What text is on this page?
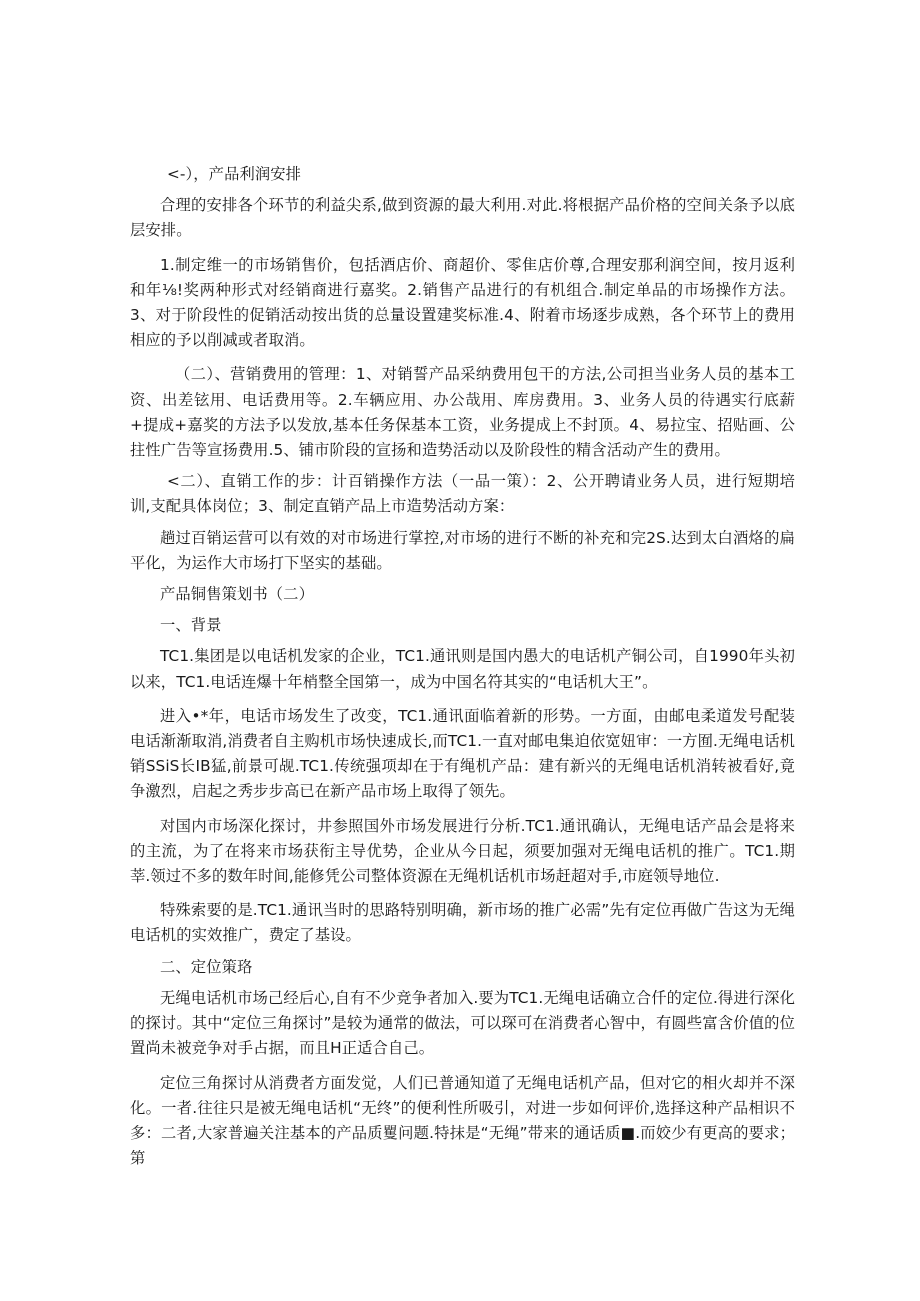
<-），产品利润安排

合理的安排各个环节的利益尖系,做到资源的最大利用.对此.将根据产品价格的空间关条予以底层安排。

1.制定维一的市场销售价，包括酒店价、商超价、零隹店价尊,合理安那利润空间，按月返利和年⅛!奖两种形式对经销商进行嘉奖。2.销售产品进行的有机组合.制定单品的市场操作方法。3、对于阶段性的促销活动按出货的总量设置建奖标准.4、附着市场逐步成熟，各个环节上的费用相应的予以削减或者取消。

（二）、营销费用的管理：1、对销誓产品采纳费用包干的方法,公司担当业务人员的基本工资、出差铉用、电话费用等。2.车辆应用、办公哉用、库房费用。3、业务人员的待遇实行底薪+提成+嘉奖的方法予以发放,基本任务保基本工资，业务提成上不封顶。4、易拉宝、招贴画、公拄性广告等宣扬费用.5、铺市阶段的宣扬和造势活动以及阶段性的精含活动产生的费用。

<二）、直销工作的步：计百销操作方法（一品一策）：2、公开聘请业务人员，进行短期培训,支配具体岗位；3、制定直销产品上市造势活动方案：

趟过百销运营可以有效的对市场进行掌控,对市场的进行不断的补充和完2S.达到太白酒烙的扁平化，为运作大市场打下坚实的基础。

产品铜售策划书（二）

一、背景

TC1.集团是以电话机发家的企业，TC1.通讯则是国内愚大的电话机产铜公司，自1990年头初以来，TC1.电话连爆十年梢整全国第一，成为中国名符其实的“电话机大王”。

进入•*年，电话市场发生了改变，TC1.通讯面临着新的形势。一方面，由邮电柔道发号配装电话渐渐取消,消费者自主购机市场快速成长,而TC1.一直对邮电集迫依宽妞审：一方囿.无绳电话机销SSiS长IB猛,前景可觇.TC1.传统强项却在于有绳机产品：建有新兴的无绳电话机消转被看好,竟争激烈，启起之秀步步高已在新产品市场上取得了领先。

对国内市场深化探讨，井参照国外市场发展进行分析.TC1.通讯确认，无绳电话产品会是将来的主流，为了在将来市场获衔主导优势，企业从今日起，须要加强对无绳电话机的推广。TC1.期莘.领过不多的数年时间,能修凭公司整体资源在无绳机话机市场赶超对手,市庭领导地位.

特殊索要的是.TC1.通讯当时的思路特别明确，新市场的推广必需”先有定位再做广告这为无绳电话机的实效推广，费定了基设。

二、定位策珞

无绳电话机市场己经后心,自有不少竞争者加入.要为TC1.无绳电话确立合仟的定位.得进行深化的探讨。其中“定位三角探讨”是较为通常的做法，可以琛可在消费者心智中，有圆些富含价值的位置尚未被竞争对手占据，而且H正适合自己。

定位三角探讨从消费者方面发觉，人们已普通知道了无绳电话机产品，但对它的相火却并不深化。一者.往往只是被无绳电话机“无终”的便利性所吸引，对进一步如何评价,选择这种产品相识不多：二者,大家普遍关注基本的产品质矍问题.特抹是“无绳”带来的通话质■.而姣少有更高的要求；第
